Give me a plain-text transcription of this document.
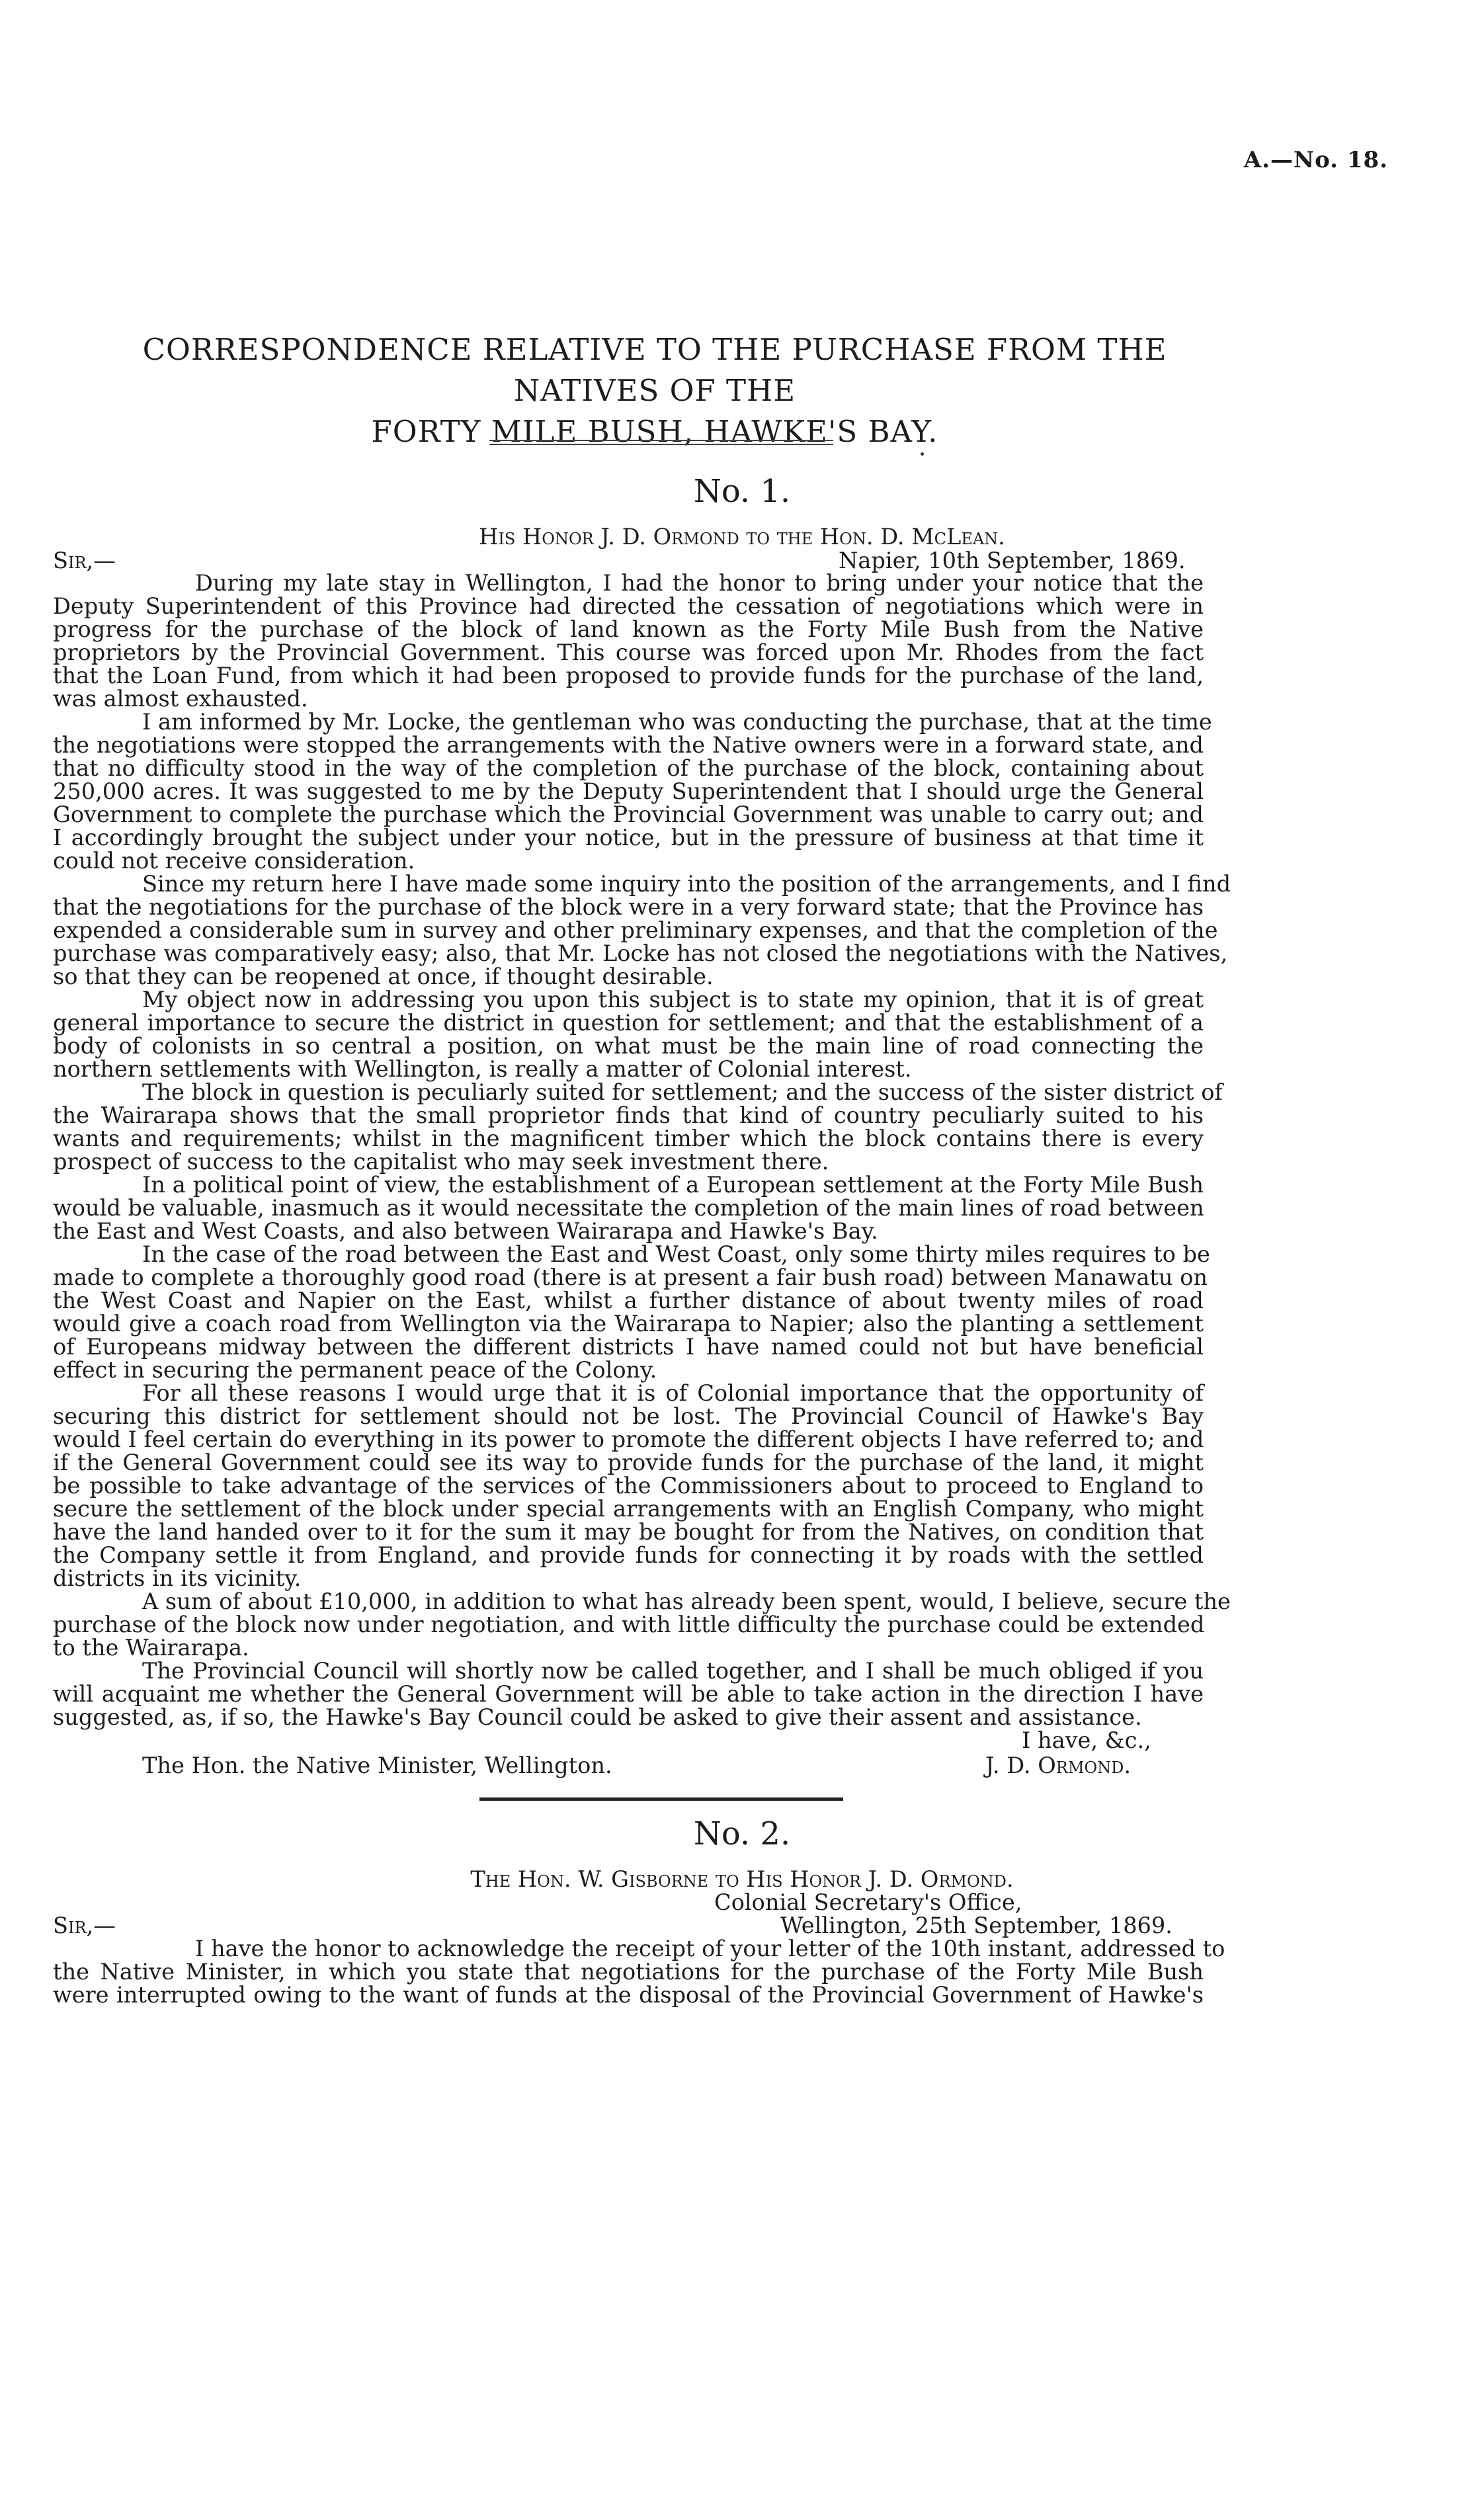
A.—No. 18.
CORRESPONDENCE RELATIVE TO THE PURCHASE FROM THE NATIVES OF THE
FORTY MILE BUSH, HAWKE'S BAY.
No. 1.
His Honor J. D. Ormond to the Hon. D. McLean.
Sir,—	Napier, 10th September, 1869.
During my late stay in Wellington, I had the honor to bring under your notice that the
Deputy Superintendent of this Province had directed the cessation of negotiations which were in
progress for the purchase of the block of land known as the Forty Mile Bush from the Native
proprietors by the Provincial Government. This course was forced upon Mr. Rhodes from the fact
that the Loan Fund, from which it had been proposed to provide funds for the purchase of the land,
was almost exhausted.
I am informed by Mr. Locke, the gentleman who was conducting the purchase, that at the time
the negotiations were stopped the arrangements with the Native owners were in a forward state, and
that no difficulty stood in the way of the completion of the purchase of the block, containing about
250,000 acres. It was suggested to me by the Deputy Superintendent that I should urge the General
Government to complete the purchase which the Provincial Government was unable to carry out; and
I accordingly brought the subject under your notice, but in the pressure of business at that time it
could not receive consideration.
Since my return here I have made some inquiry into the position of the arrangements, and I find
that the negotiations for the purchase of the block were in a very forward state; that the Province has
expended a considerable sum in survey and other preliminary expenses, and that the completion of the
purchase was comparatively easy; also, that Mr. Locke has not closed the negotiations with the Natives,
so that they can be reopened at once, if thought desirable.
My object now in addressing you upon this subject is to state my opinion, that it is of great
general importance to secure the district in question for settlement; and that the establishment of a
body of colonists in so central a position, on what must be the main line of road connecting the
northern settlements with Wellington, is really a matter of Colonial interest.
The block in question is peculiarly suited for settlement; and the success of the sister district of
the Wairarapa shows that the small proprietor finds that kind of country peculiarly suited to his
wants and requirements; whilst in the magnificent timber which the block contains there is every
prospect of success to the capitalist who may seek investment there.
In a political point of view, the establishment of a European settlement at the Forty Mile Bush
would be valuable, inasmuch as it would necessitate the completion of the main lines of road between
the East and West Coasts, and also between Wairarapa and Hawke's Bay.
In the case of the road between the East and West Coast, only some thirty miles requires to be
made to complete a thoroughly good road (there is at present a fair bush road) between Manawatu on
the West Coast and Napier on the East, whilst a further distance of about twenty miles of road
would give a coach road from Wellington via the Wairarapa to Napier; also the planting a settlement
of Europeans midway between the different districts I have named could not but have beneficial
effect in securing the permanent peace of the Colony.
For all these reasons I would urge that it is of Colonial importance that the opportunity of
securing this district for settlement should not be lost. The Provincial Council of Hawke's Bay
would I feel certain do everything in its power to promote the different objects I have referred to; and
if the General Government could see its way to provide funds for the purchase of the land, it might
be possible to take advantage of the services of the Commissioners about to proceed to England to
secure the settlement of the block under special arrangements with an English Company, who might
have the land handed over to it for the sum it may be bought for from the Natives, on condition that
the Company settle it from England, and provide funds for connecting it by roads with the settled
districts in its vicinity.
A sum of about £10,000, in addition to what has already been spent, would, I believe, secure the
purchase of the block now under negotiation, and with little difficulty the purchase could be extended
to the Wairarapa.
The Provincial Council will shortly now be called together, and I shall be much obliged if you
will acquaint me whether the General Government will be able to take action in the direction I have
suggested, as, if so, the Hawke's Bay Council could be asked to give their assent and assistance.
I have, &c.,
The Hon. the Native Minister, Wellington.	J. D. Ormond.
No. 2.
The Hon. W. Gisborne to His Honor J. D. Ormond.
Colonial Secretary's Office,
Sir,—	Wellington, 25th September, 1869.
I have the honor to acknowledge the receipt of your letter of the 10th instant, addressed to
the Native Minister, in which you state that negotiations for the purchase of the Forty Mile Bush
were interrupted owing to the want of funds at the disposal of the Provincial Government of Hawke's
